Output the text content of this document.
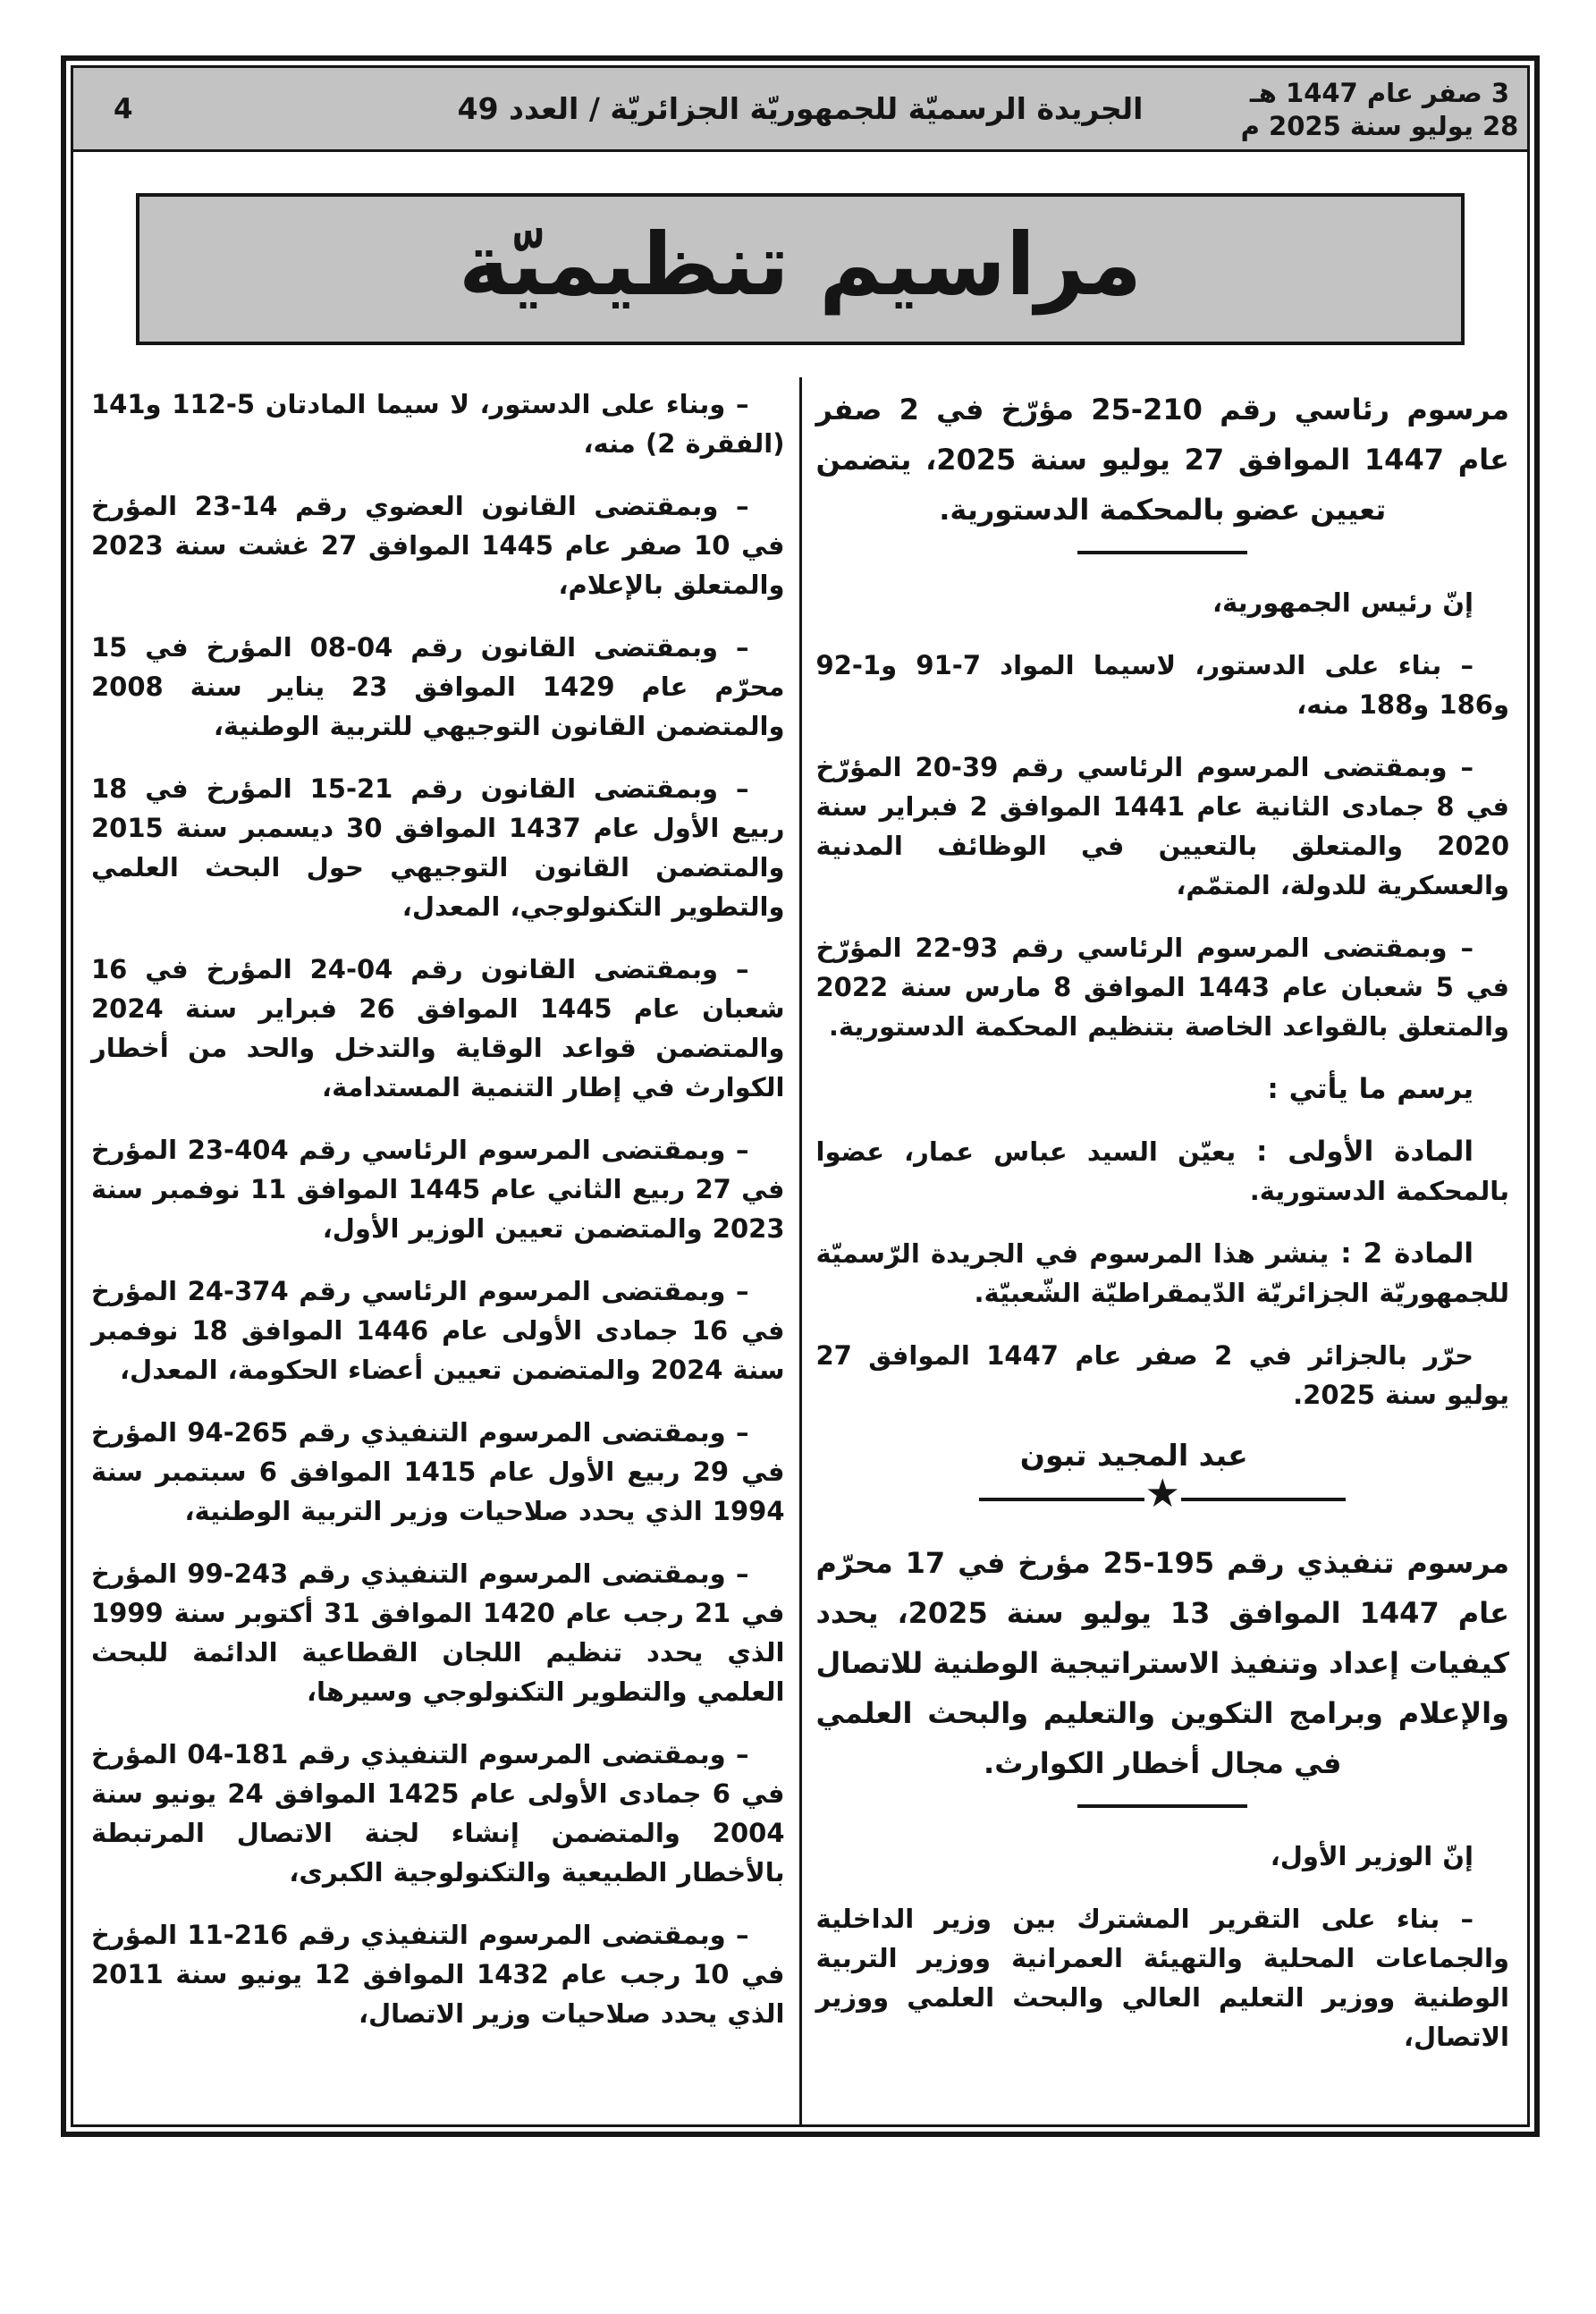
3 صفر عام 1447 هـ
28 يوليو سنة 2025 م
الجريدة الرسميّة للجمهوريّة الجزائريّة / العدد 49
4
مراسيم تنظيميّة

مرسوم رئاسي رقم 210-25 مؤرّخ في 2 صفر عام 1447 الموافق 27 يوليو سنة 2025، يتضمن تعيين عضو بالمحكمة الدستورية.

إنّ رئيس الجمهورية،

– بناء على الدستور، لاسيما المواد 7-91 و1-92 و186 و188 منه،

– وبمقتضى المرسوم الرئاسي رقم 39-20 المؤرّخ في 8 جمادى الثانية عام 1441 الموافق 2 فبراير سنة 2020 والمتعلق بالتعيين في الوظائف المدنية والعسكرية للدولة، المتمّم،

– وبمقتضى المرسوم الرئاسي رقم 93-22 المؤرّخ في 5 شعبان عام 1443 الموافق 8 مارس سنة 2022 والمتعلق بالقواعد الخاصة بتنظيم المحكمة الدستورية.

يرسم ما يأتي :

المادة الأولى : يعيّن السيد عباس عمار، عضوا بالمحكمة الدستورية.

المادة 2 : ينشر هذا المرسوم في الجريدة الرّسميّة للجمهوريّة الجزائريّة الدّيمقراطيّة الشّعبيّة.

حرّر بالجزائر في 2 صفر عام 1447 الموافق 27 يوليو سنة 2025.

عبد المجيد تبون

★

مرسوم تنفيذي رقم 195-25 مؤرخ في 17 محرّم عام 1447 الموافق 13 يوليو سنة 2025، يحدد كيفيات إعداد وتنفيذ الاستراتيجية الوطنية للاتصال والإعلام وبرامج التكوين والتعليم والبحث العلمي في مجال أخطار الكوارث.

إنّ الوزير الأول،

– بناء على التقرير المشترك بين وزير الداخلية والجماعات المحلية والتهيئة العمرانية ووزير التربية الوطنية ووزير التعليم العالي والبحث العلمي ووزير الاتصال،

– وبناء على الدستور، لا سيما المادتان 5-112 و141 (الفقرة 2) منه،

– وبمقتضى القانون العضوي رقم 14-23 المؤرخ في 10 صفر عام 1445 الموافق 27 غشت سنة 2023 والمتعلق بالإعلام،

– وبمقتضى القانون رقم 04-08 المؤرخ في 15 محرّم عام 1429 الموافق 23 يناير سنة 2008 والمتضمن القانون التوجيهي للتربية الوطنية،

– وبمقتضى القانون رقم 21-15 المؤرخ في 18 ربيع الأول عام 1437 الموافق 30 ديسمبر سنة 2015 والمتضمن القانون التوجيهي حول البحث العلمي والتطوير التكنولوجي، المعدل،

– وبمقتضى القانون رقم 04-24 المؤرخ في 16 شعبان عام 1445 الموافق 26 فبراير سنة 2024 والمتضمن قواعد الوقاية والتدخل والحد من أخطار الكوارث في إطار التنمية المستدامة،

– وبمقتضى المرسوم الرئاسي رقم 404-23 المؤرخ في 27 ربيع الثاني عام 1445 الموافق 11 نوفمبر سنة 2023 والمتضمن تعيين الوزير الأول،

– وبمقتضى المرسوم الرئاسي رقم 374-24 المؤرخ في 16 جمادى الأولى عام 1446 الموافق 18 نوفمبر سنة 2024 والمتضمن تعيين أعضاء الحكومة، المعدل،

– وبمقتضى المرسوم التنفيذي رقم 265-94 المؤرخ في 29 ربيع الأول عام 1415 الموافق 6 سبتمبر سنة 1994 الذي يحدد صلاحيات وزير التربية الوطنية،

– وبمقتضى المرسوم التنفيذي رقم 243-99 المؤرخ في 21 رجب عام 1420 الموافق 31 أكتوبر سنة 1999 الذي يحدد تنظيم اللجان القطاعية الدائمة للبحث العلمي والتطوير التكنولوجي وسيرها،

– وبمقتضى المرسوم التنفيذي رقم 181-04 المؤرخ في 6 جمادى الأولى عام 1425 الموافق 24 يونيو سنة 2004 والمتضمن إنشاء لجنة الاتصال المرتبطة بالأخطار الطبيعية والتكنولوجية الكبرى،

– وبمقتضى المرسوم التنفيذي رقم 216-11 المؤرخ في 10 رجب عام 1432 الموافق 12 يونيو سنة 2011 الذي يحدد صلاحيات وزير الاتصال،
